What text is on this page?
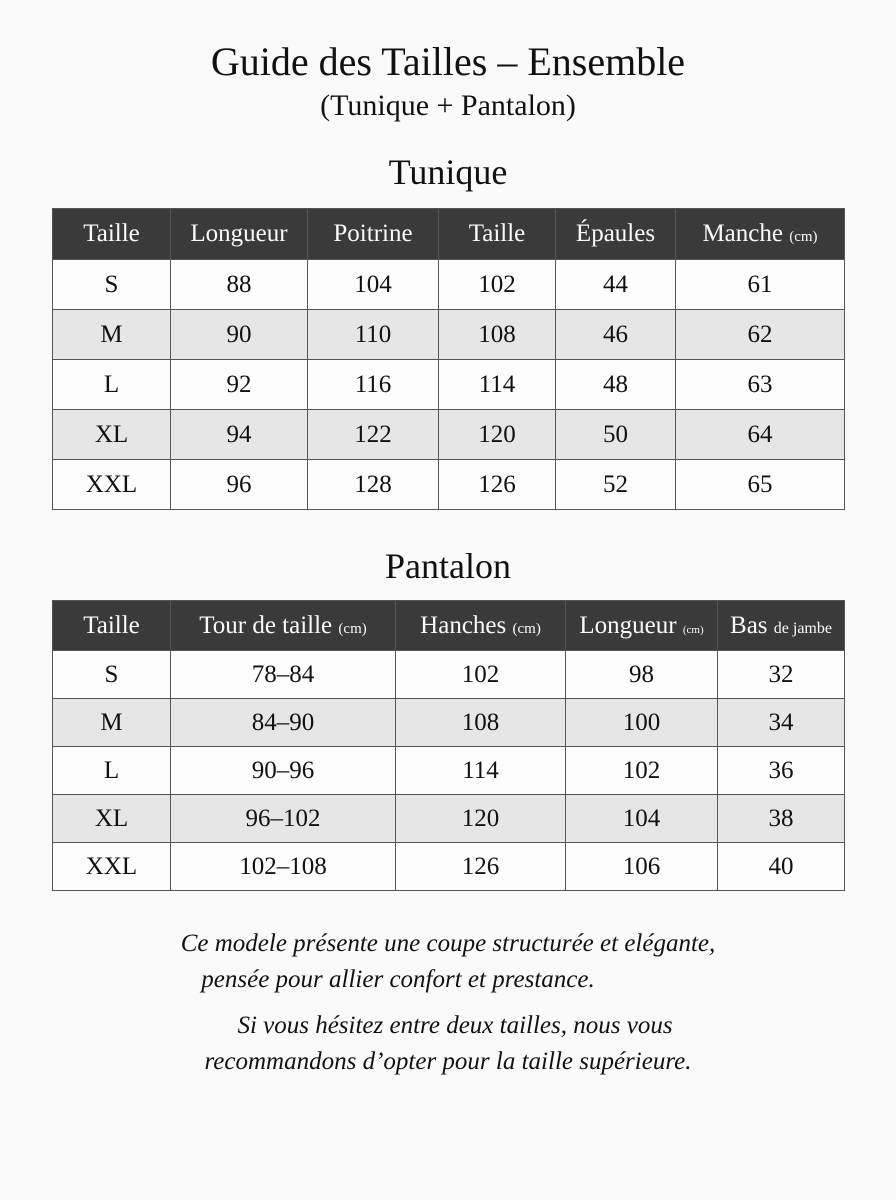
Guide des Tailles – Ensemble
(Tunique + Pantalon)
Tunique
Taille	Longueur	Poitrine	Taille	Épaules	Manche (cm)
S	88	104	102	44	61
M	90	110	108	46	62
L	92	116	114	48	63
XL	94	122	120	50	64
XXL	96	128	126	52	65
Pantalon
Taille	Tour de taille (cm)	Hanches (cm)	Longueur (cm)	Bas de jambe
S	78–84	102	98	32
M	84–90	108	100	34
L	90–96	114	102	36
XL	96–102	120	104	38
XXL	102–108	126	106	40
Ce modele présente une coupe structurée et elégante,
pensée pour allier confort et prestance.
Si vous hésitez entre deux tailles, nous vous
recommandons d’opter pour la taille supérieure.
